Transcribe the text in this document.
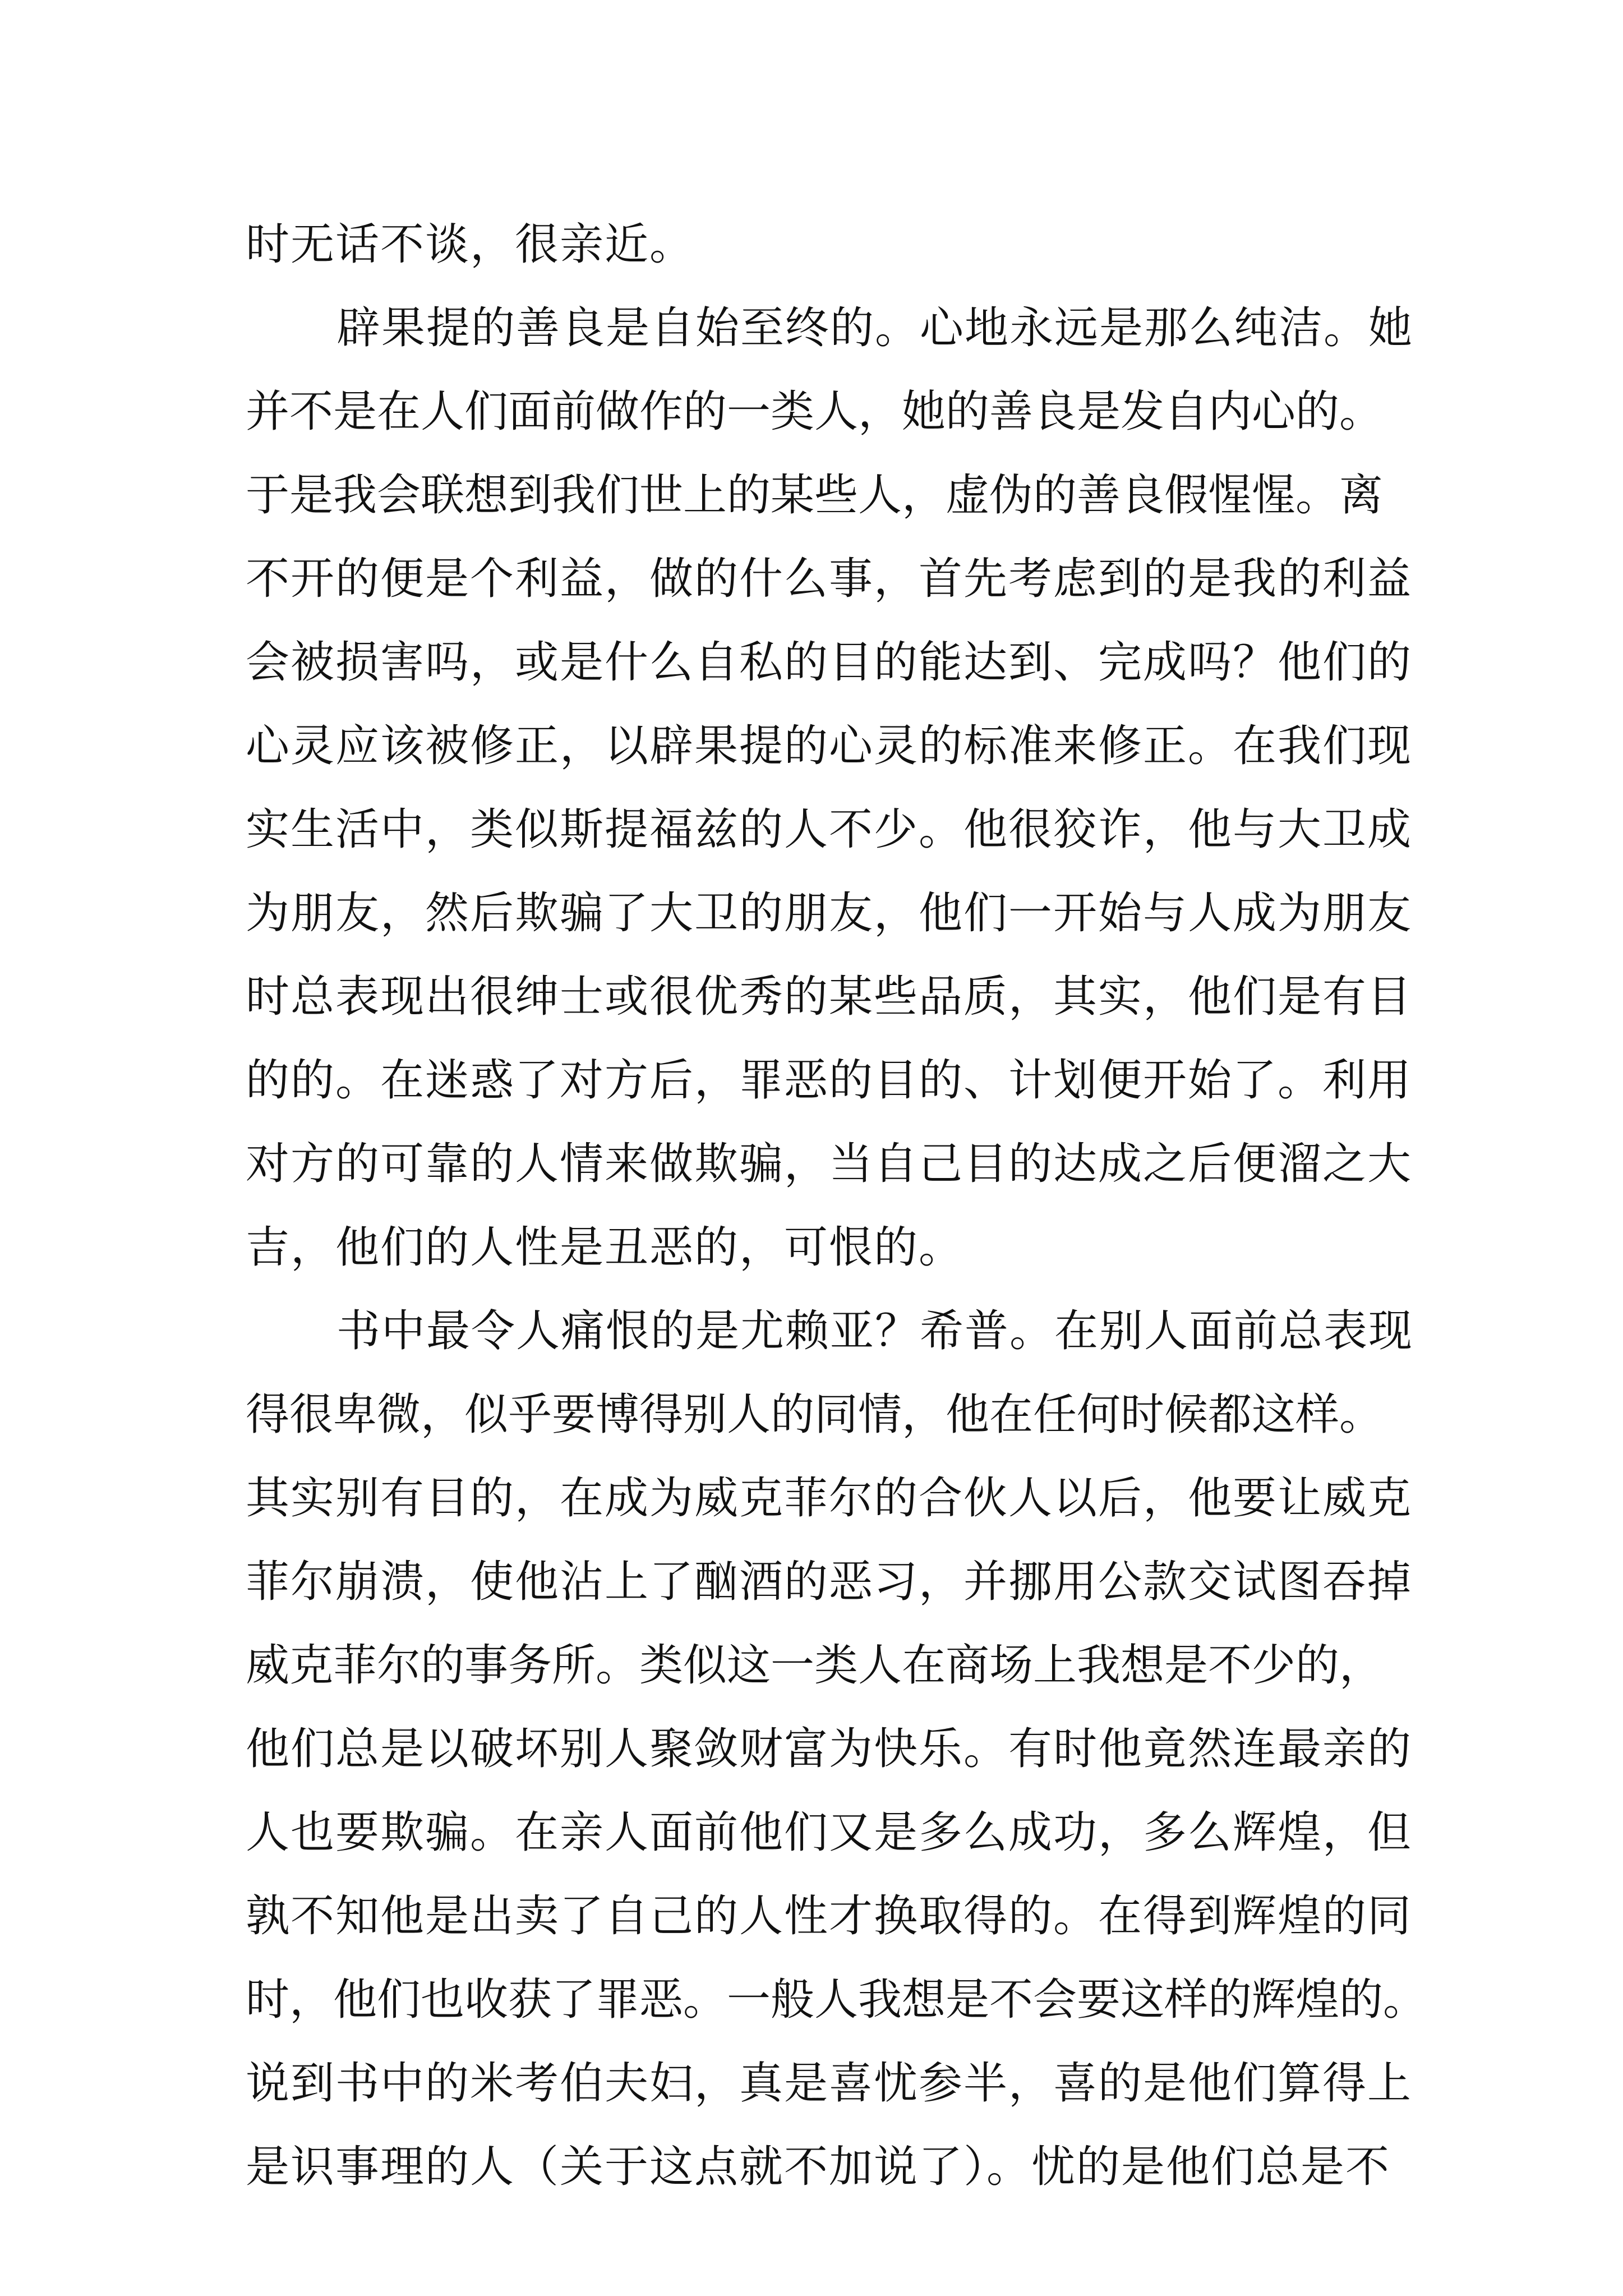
时无话不谈，很亲近。
辟果提的善良是自始至终的。心地永远是那么纯洁。她
并不是在人们面前做作的一类人，她的善良是发自内心的。
于是我会联想到我们世上的某些人，虚伪的善良假惺惺。离
不开的便是个利益，做的什么事，首先考虑到的是我的利益
会被损害吗，或是什么自私的目的能达到、完成吗？他们的
心灵应该被修正，以辟果提的心灵的标准来修正。在我们现
实生活中，类似斯提福兹的人不少。他很狡诈，他与大卫成
为朋友，然后欺骗了大卫的朋友，他们一开始与人成为朋友
时总表现出很绅士或很优秀的某些品质，其实，他们是有目
的的。在迷惑了对方后，罪恶的目的、计划便开始了。利用
对方的可靠的人情来做欺骗，当自己目的达成之后便溜之大
吉，他们的人性是丑恶的，可恨的。
书中最令人痛恨的是尤赖亚？希普。在别人面前总表现
得很卑微，似乎要博得别人的同情，他在任何时候都这样。
其实别有目的，在成为威克菲尔的合伙人以后，他要让威克
菲尔崩溃，使他沾上了酗酒的恶习，并挪用公款交试图吞掉
威克菲尔的事务所。类似这一类人在商场上我想是不少的，
他们总是以破坏别人聚敛财富为快乐。有时他竟然连最亲的
人也要欺骗。在亲人面前他们又是多么成功，多么辉煌，但
孰不知他是出卖了自己的人性才换取得的。在得到辉煌的同
时，他们也收获了罪恶。一般人我想是不会要这样的辉煌的。
说到书中的米考伯夫妇，真是喜忧参半，喜的是他们算得上
是识事理的人（关于这点就不加说了）。忧的是他们总是不
